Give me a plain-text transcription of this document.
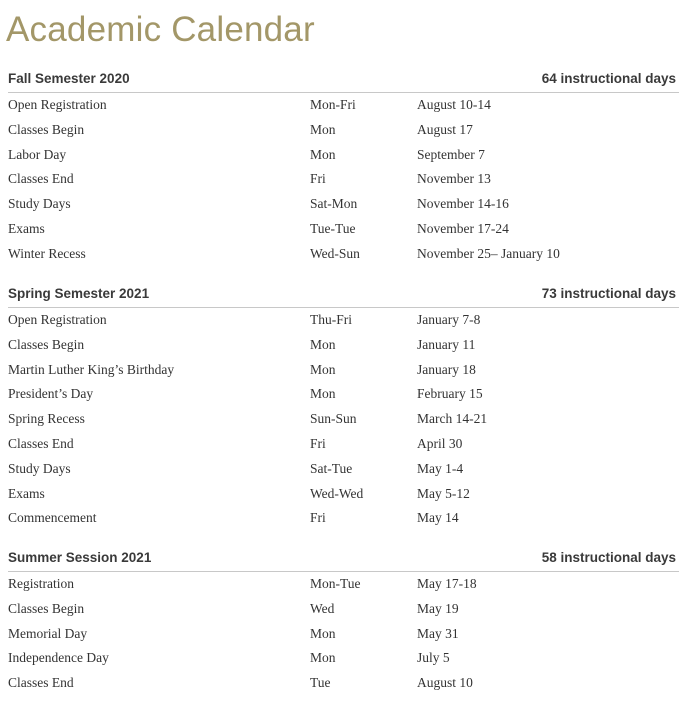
Academic Calendar
Fall Semester 2020	64 instructional days
Open Registration	Mon-Fri	August 10-14
Classes Begin	Mon	August 17
Labor Day	Mon	September 7
Classes End	Fri	November 13
Study Days	Sat-Mon	November 14-16
Exams	Tue-Tue	November 17-24
Winter Recess	Wed-Sun	November 25– January 10
Spring Semester 2021	73 instructional days
Open Registration	Thu-Fri	January 7-8
Classes Begin	Mon	January 11
Martin Luther King’s Birthday	Mon	January 18
President’s Day	Mon	February 15
Spring Recess	Sun-Sun	March 14-21
Classes End	Fri	April 30
Study Days	Sat-Tue	May 1-4
Exams	Wed-Wed	May 5-12
Commencement	Fri	May 14
Summer Session 2021	58 instructional days
Registration	Mon-Tue	May 17-18
Classes Begin	Wed	May 19
Memorial Day	Mon	May 31
Independence Day	Mon	July 5
Classes End	Tue	August 10
